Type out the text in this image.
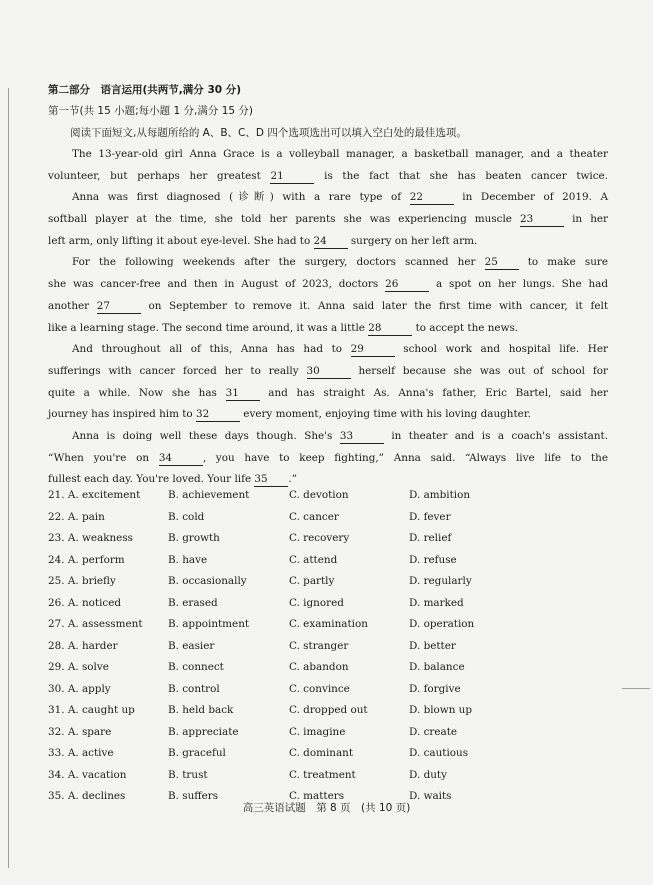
第二部分　语言运用(共两节,满分 30 分)
第一节(共 15 小题;每小题 1 分,满分 15 分)
阅读下面短文,从每题所给的 A、B、C、D 四个选项选出可以填入空白处的最佳选项。
The 13-year-old girl Anna Grace is a volleyball manager, a basketball manager, and a theater
volunteer, but perhaps her greatest 21	is the fact that she has beaten cancer twice.
Anna was first diagnosed (诊断) with a rare type of 22	in December of 2019. A
softball player at the time, she told her parents she was experiencing muscle 23	in her
left arm, only lifting it about eye-level. She had to 24 surgery on her left arm.
For the following weekends after the surgery, doctors scanned her 25	to make sure
she was cancer-free and then in August of 2023, doctors 26	a spot on her lungs. She had
another 27	on September to remove it. Anna said later the first time with cancer, it felt
like a learning stage. The second time around, it was a little 28	to accept the news.
And throughout all of this, Anna has had to 29	school work and hospital life. Her
sufferings with cancer forced her to really 30	herself because she was out of school for
quite a while. Now she has 31	and has straight As. Anna's father, Eric Bartel, said her
journey has inspired him to 32	every moment, enjoying time with his loving daughter.
Anna is doing well these days though. She's 33	in theater and is a coach's assistant.
“When you're on 34	, you have to keep fighting,” Anna said. “Always live life to the
fullest each day. You're loved. Your life 35 .”
21. A. excitement	B. achievement	C. devotion	D. ambition
22. A. pain	B. cold	C. cancer	D. fever
23. A. weakness	B. growth	C. recovery	D. relief
24. A. perform	B. have	C. attend	D. refuse
25. A. briefly	B. occasionally	C. partly	D. regularly
26. A. noticed	B. erased	C. ignored	D. marked
27. A. assessment B. appointment	C. examination	D. operation
28. A. harder	B. easier	C. stranger	D. better
29. A. solve	B. connect	C. abandon	D. balance
30. A. apply	B. control	C. convince	D. forgive
31. A. caught up	B. held back	C. dropped out	D. blown up
32. A. spare	B. appreciate	C. imagine	D. create
33. A. active	B. graceful	C. dominant	D. cautious
34. A. vacation	B. trust	C. treatment	D. duty
35. A. declines	B. suffers	C. matters	D. waits
高三英语试题　第 8 页　(共 10 页)
